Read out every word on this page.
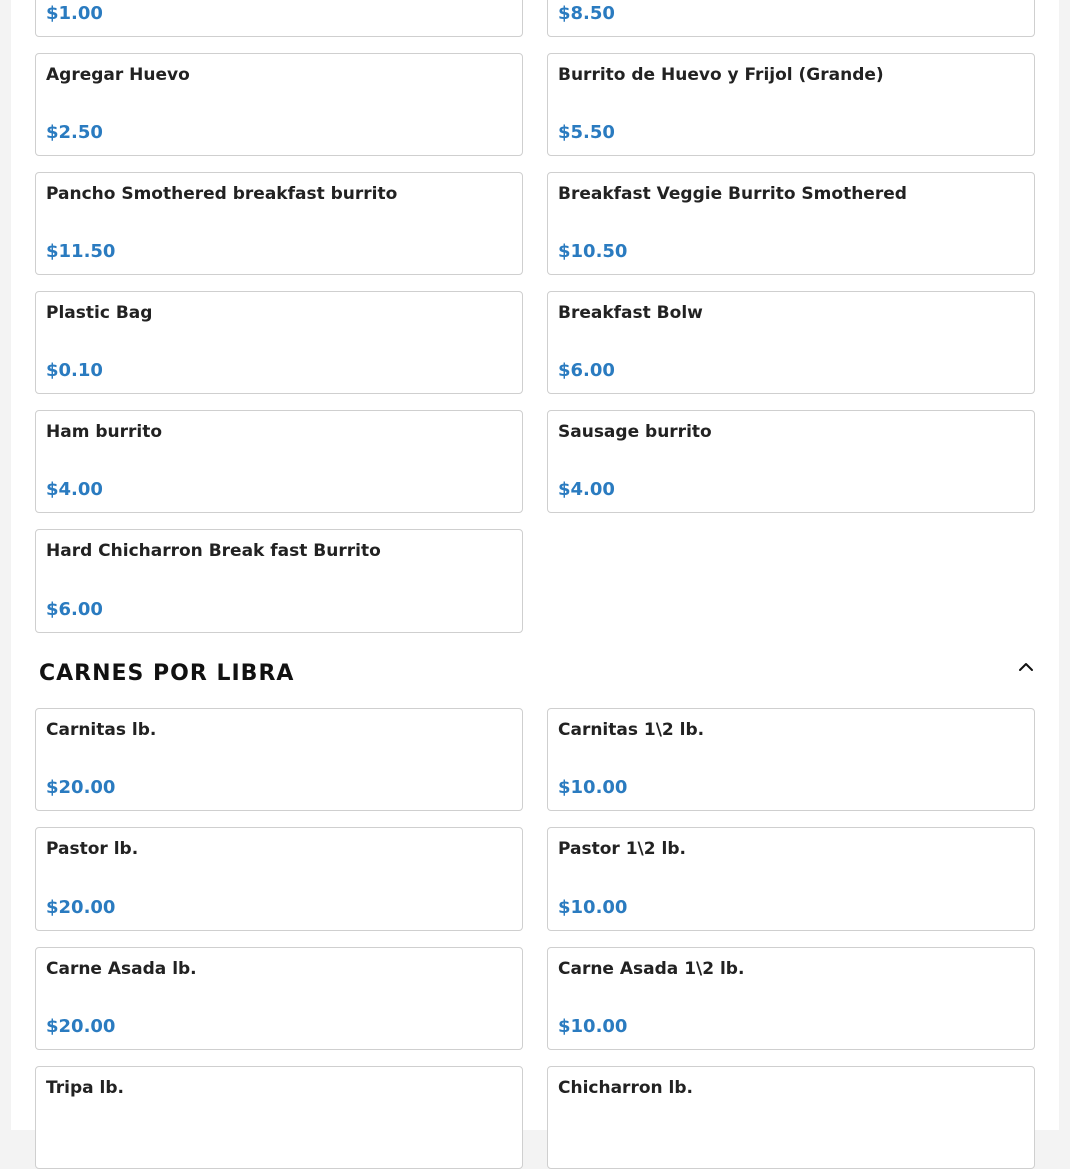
$1.00	$8.50
Agregar Huevo
$2.50
Burrito de Huevo y Frijol (Grande)
$5.50
Pancho Smothered breakfast burrito
$11.50
Breakfast Veggie Burrito Smothered
$10.50
Plastic Bag
$0.10
Breakfast Bolw
$6.00
Ham burrito
$4.00
Sausage burrito
$4.00
Hard Chicharron Break fast Burrito
$6.00
CARNES POR LIBRA
Carnitas lb.
$20.00
Carnitas 1\2 lb.
$10.00
Pastor lb.
$20.00
Pastor 1\2 lb.
$10.00
Carne Asada lb.
$20.00
Carne Asada 1\2 lb.
$10.00
Tripa lb.	Chicharron lb.
